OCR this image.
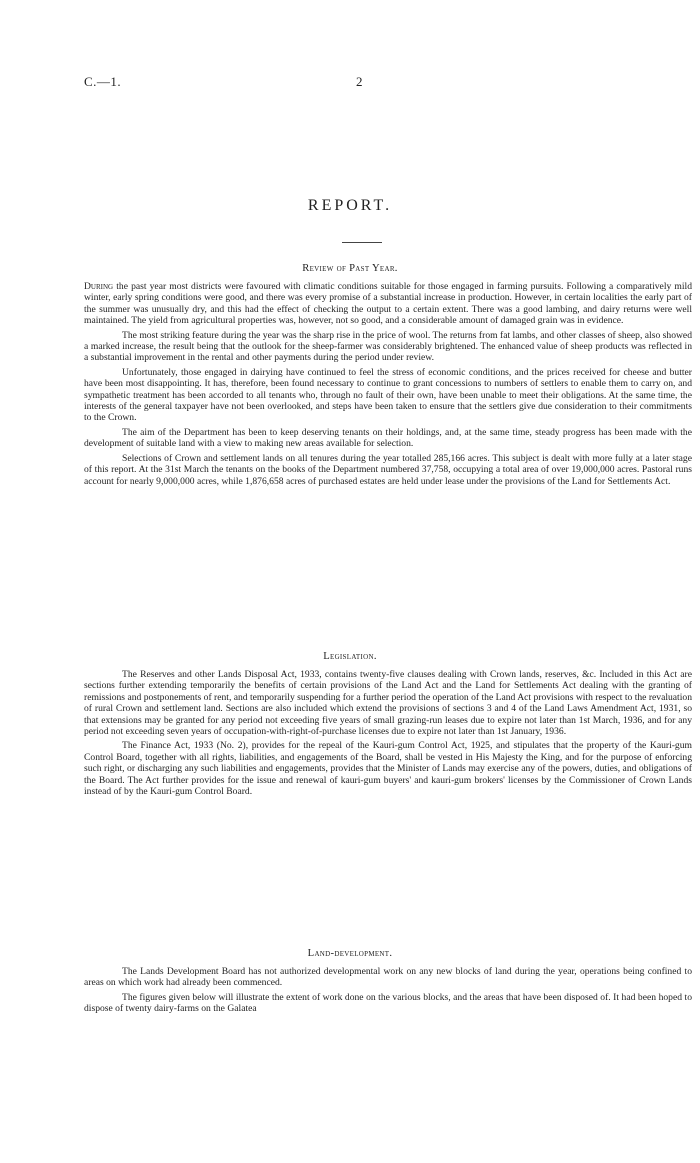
C.—1.	2
REPORT.
Review of Past Year.

During the past year most districts were favoured with climatic conditions suitable for those engaged in farming pursuits. Following a comparatively mild winter, early spring conditions were good, and there was every promise of a substantial increase in production. However, in certain localities the early part of the summer was unusually dry, and this had the effect of checking the output to a certain extent. There was a good lambing, and dairy returns were well maintained. The yield from agricultural properties was, however, not so good, and a considerable amount of damaged grain was in evidence.

The most striking feature during the year was the sharp rise in the price of wool. The returns from fat lambs, and other classes of sheep, also showed a marked increase, the result being that the outlook for the sheep-farmer was considerably brightened. The enhanced value of sheep products was reflected in a substantial improvement in the rental and other payments during the period under review.

Unfortunately, those engaged in dairying have continued to feel the stress of economic conditions, and the prices received for cheese and butter have been most disappointing. It has, therefore, been found necessary to continue to grant concessions to numbers of settlers to enable them to carry on, and sympathetic treatment has been accorded to all tenants who, through no fault of their own, have been unable to meet their obligations. At the same time, the interests of the general taxpayer have not been overlooked, and steps have been taken to ensure that the settlers give due consideration to their commitments to the Crown.

The aim of the Department has been to keep deserving tenants on their holdings, and, at the same time, steady progress has been made with the development of suitable land with a view to making new areas available for selection.

Selections of Crown and settlement lands on all tenures during the year totalled 285,166 acres. This subject is dealt with more fully at a later stage of this report. At the 31st March the tenants on the books of the Department numbered 37,758, occupying a total area of over 19,000,000 acres. Pastoral runs account for nearly 9,000,000 acres, while 1,876,658 acres of purchased estates are held under lease under the provisions of the Land for Settlements Act.

Legislation.

The Reserves and other Lands Disposal Act, 1933, contains twenty-five clauses dealing with Crown lands, reserves, &c. Included in this Act are sections further extending temporarily the benefits of certain provisions of the Land Act and the Land for Settlements Act dealing with the granting of remissions and postponements of rent, and temporarily suspending for a further period the operation of the Land Act provisions with respect to the revaluation of rural Crown and settlement land. Sections are also included which extend the provisions of sections 3 and 4 of the Land Laws Amendment Act, 1931, so that extensions may be granted for any period not exceeding five years of small grazing-run leases due to expire not later than 1st March, 1936, and for any period not exceeding seven years of occupation-with-right-of-purchase licenses due to expire not later than 1st January, 1936.

The Finance Act, 1933 (No. 2), provides for the repeal of the Kauri-gum Control Act, 1925, and stipulates that the property of the Kauri-gum Control Board, together with all rights, liabilities, and engagements of the Board, shall be vested in His Majesty the King, and for the purpose of enforcing such right, or discharging any such liabilities and engagements, provides that the Minister of Lands may exercise any of the powers, duties, and obligations of the Board. The Act further provides for the issue and renewal of kauri-gum buyers' and kauri-gum brokers' licenses by the Commissioner of Crown Lands instead of by the Kauri-gum Control Board.

Land-development.

The Lands Development Board has not authorized developmental work on any new blocks of land during the year, operations being confined to areas on which work had already been commenced.

The figures given below will illustrate the extent of work done on the various blocks, and the areas that have been disposed of. It had been hoped to dispose of twenty dairy-farms on the Galatea
